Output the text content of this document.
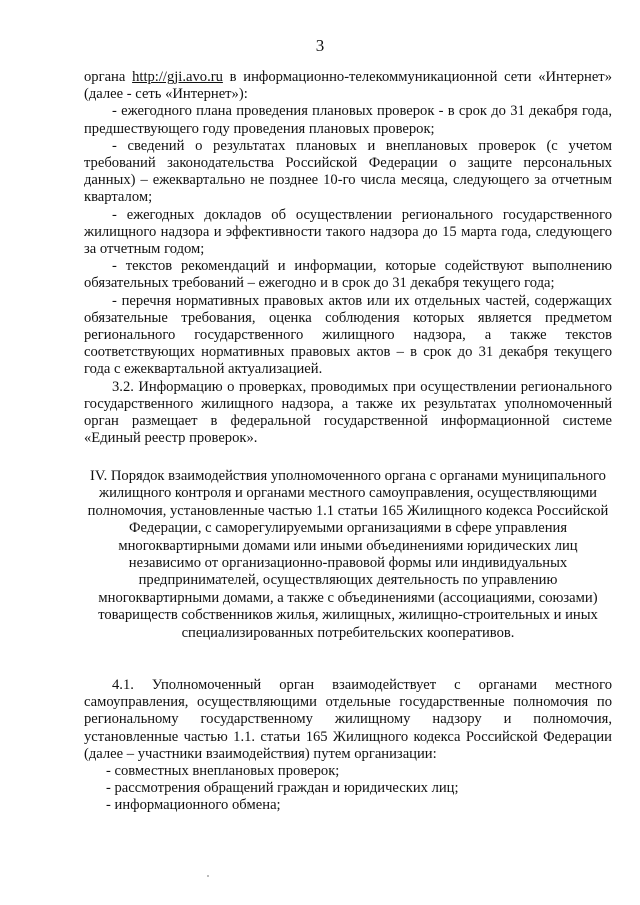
3

органа http://gji.avo.ru в информационно-телекоммуникационной сети «Интернет» (далее - сеть «Интернет»):

- ежегодного плана проведения плановых проверок - в срок до 31 декабря года, предшествующего году проведения плановых проверок;

- сведений о результатах плановых и внеплановых проверок (с учетом требований законодательства Российской Федерации о защите персональных данных) – ежеквартально не позднее 10-го числа месяца, следующего за отчетным кварталом;

- ежегодных докладов об осуществлении регионального государственного жилищного надзора и эффективности такого надзора до 15 марта года, следующего за отчетным годом;

- текстов рекомендаций и информации, которые содействуют выполнению обязательных требований – ежегодно и в срок до 31 декабря текущего года;

- перечня нормативных правовых актов или их отдельных частей, содержащих обязательные требования, оценка соблюдения которых является предметом регионального государственного жилищного надзора, а также текстов соответствующих нормативных правовых актов – в срок до 31 декабря текущего года с ежеквартальной актуализацией.

3.2. Информацию о проверках, проводимых при осуществлении регионального государственного жилищного надзора, а также их результатах уполномоченный орган размещает в федеральной государственной информационной системе «Единый реестр проверок».

IV. Порядок взаимодействия уполномоченного органа с органами муниципального жилищного контроля и органами местного самоуправления, осуществляющими полномочия, установленные частью 1.1 статьи 165 Жилищного кодекса Российской Федерации, с саморегулируемыми организациями в сфере управления многоквартирными домами или иными объединениями юридических лиц независимо от организационно-правовой формы или индивидуальных предпринимателей, осуществляющих деятельность по управлению многоквартирными домами, а также с объединениями (ассоциациями, союзами) товариществ собственников жилья, жилищных, жилищно-строительных и иных специализированных потребительских кооперативов.

4.1. Уполномоченный орган взаимодействует с органами местного самоуправления, осуществляющими отдельные государственные полномочия по региональному государственному жилищному надзору и полномочия, установленные частью 1.1. статьи 165 Жилищного кодекса Российской Федерации (далее – участники взаимодействия) путем организации:

- совместных внеплановых проверок;

- рассмотрения обращений граждан и юридических лиц;

- информационного обмена;
